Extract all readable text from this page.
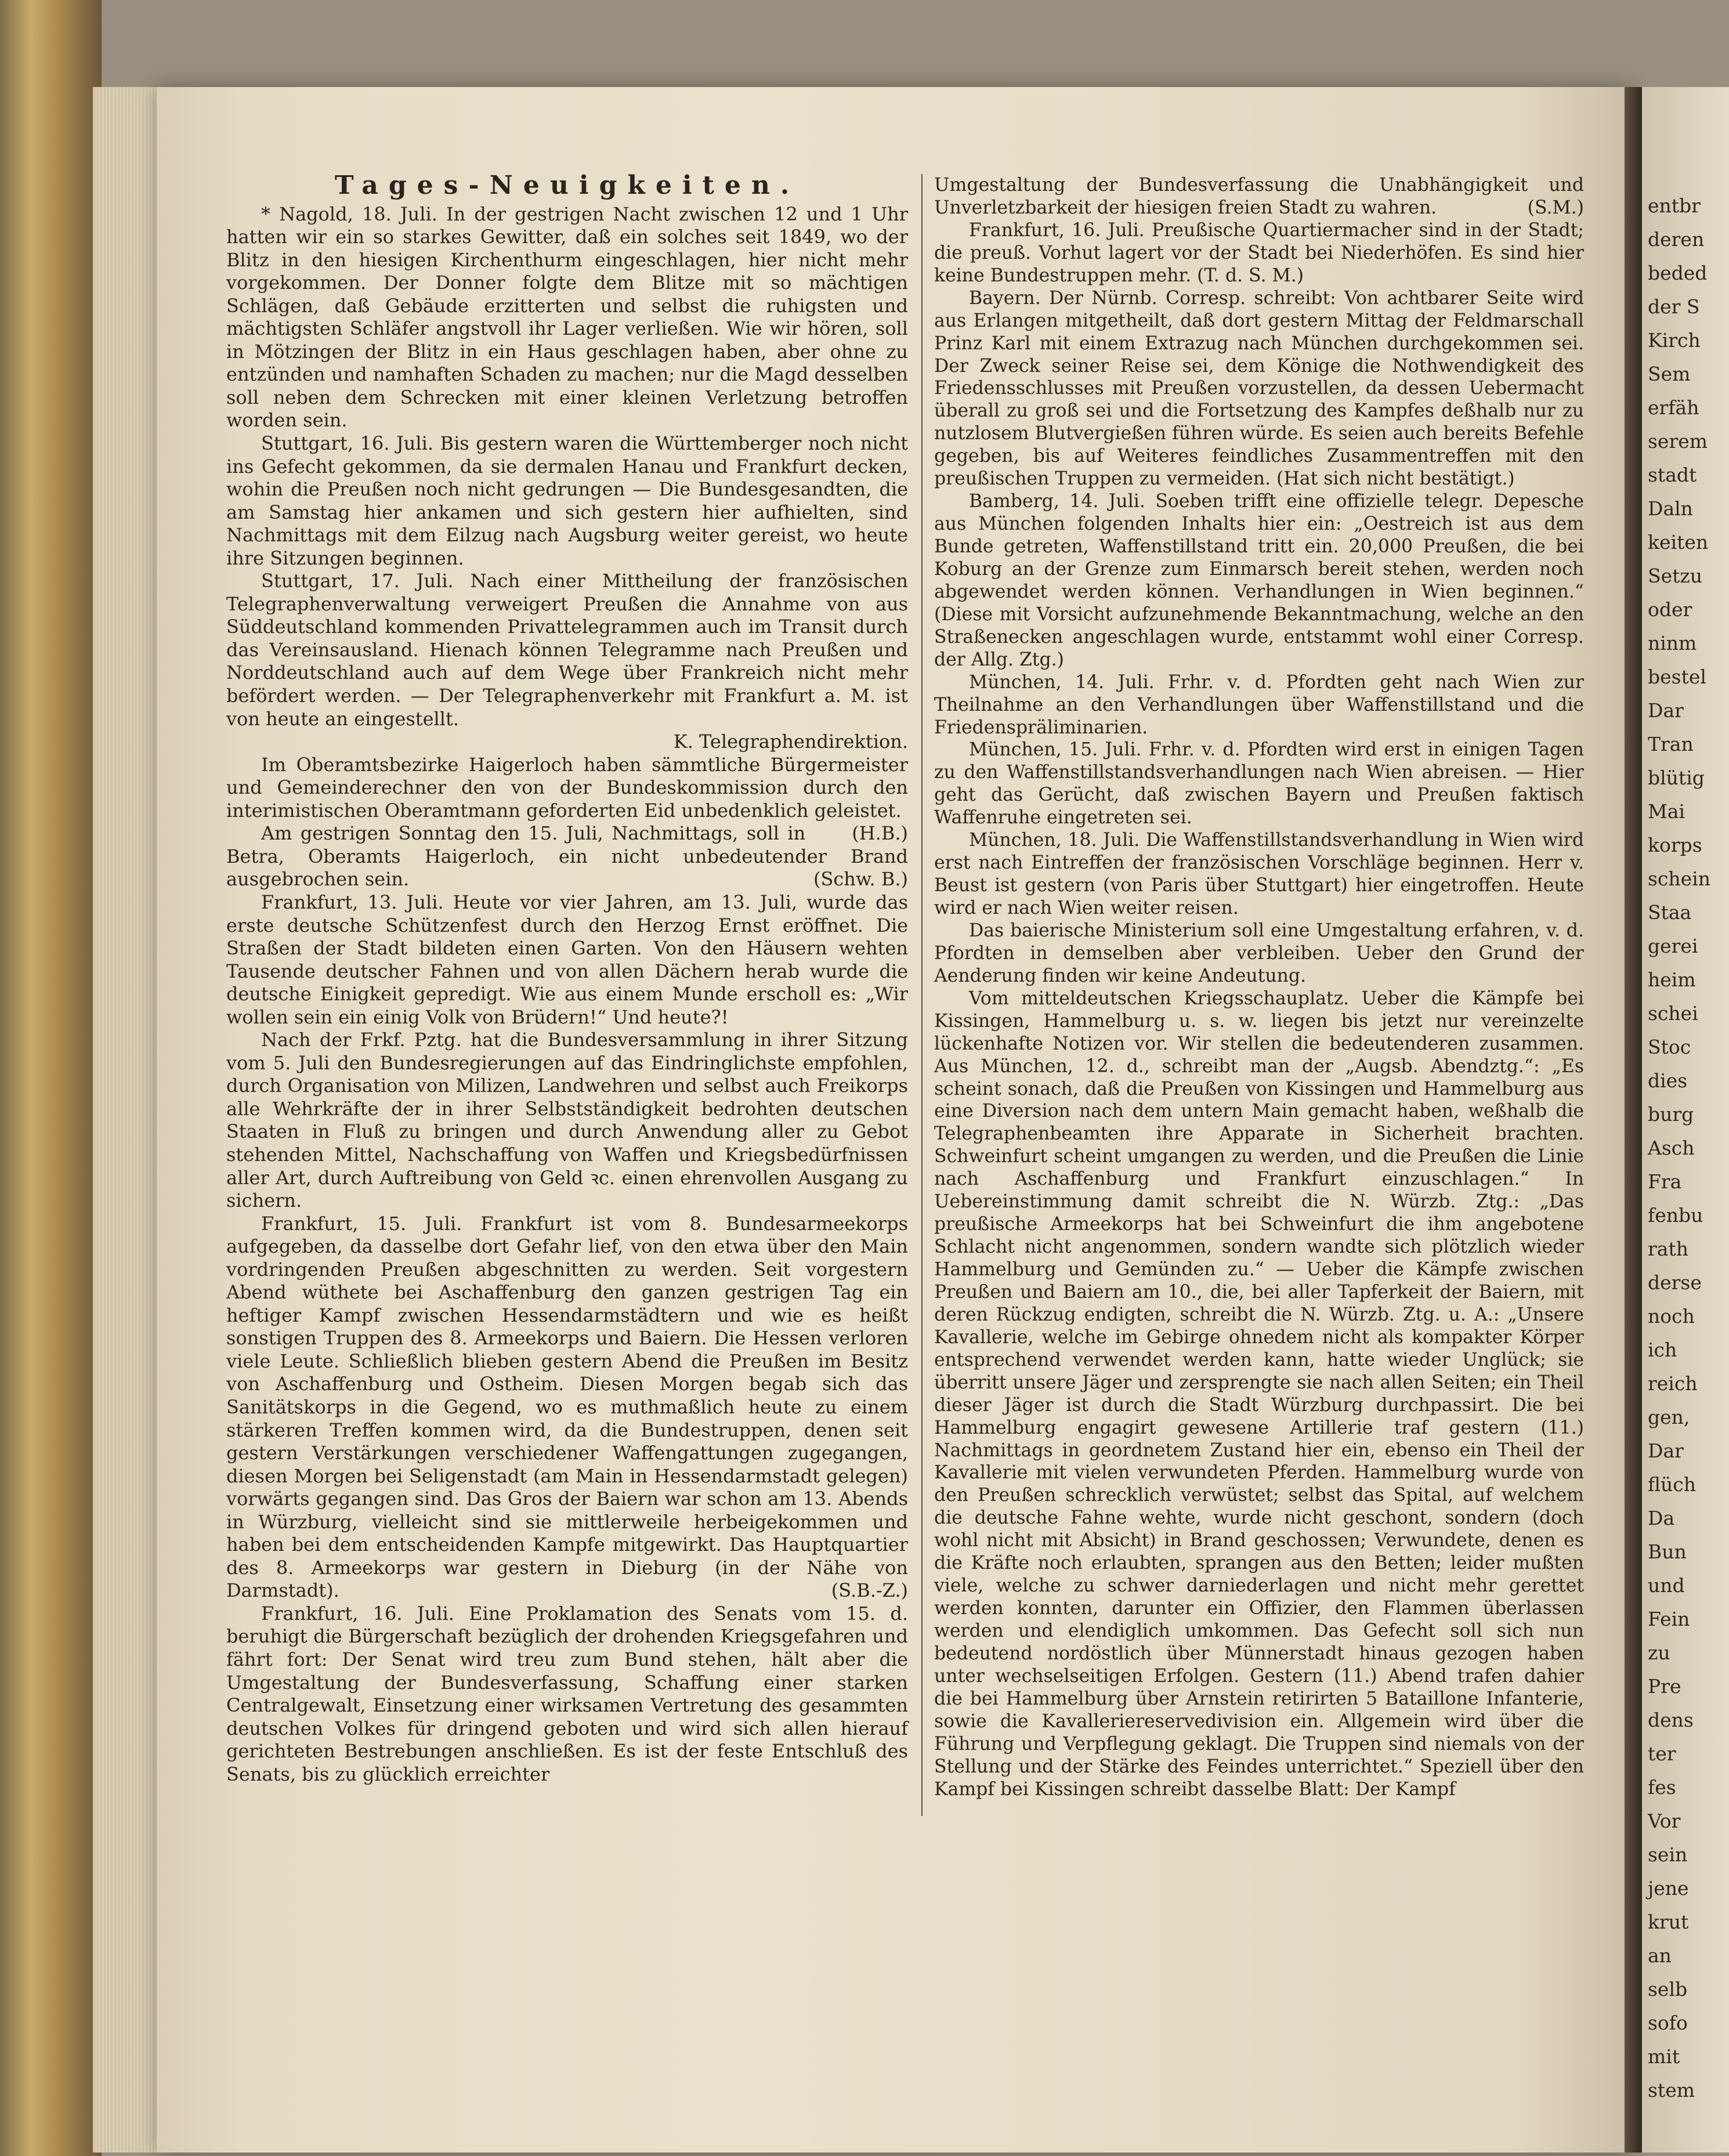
entbr
deren
beded
der S
Kirch
Sem
erfäh
serem
stadt
Daln
keiten
Setzu
oder
ninm
bestel
Dar
Tran
blütig
Mai
korps
schein
Staa
gerei
heim
schei
Stoc
dies
burg
Asch
Fra
fenbu
rath
derse
noch
ich
reich
gen,
Dar
flüch
Da
Bun
und
Fein
zu
Pre
dens
ter
fes
Vor
sein
jene
krut
an
selb
sofo
mit
stem
Tages-Neuigkeiten.

* Nagold, 18. Juli. In der gestrigen Nacht zwischen 12 und 1 Uhr hatten wir ein so starkes Gewitter, daß ein solches seit 1849, wo der Blitz in den hiesigen Kirchenthurm eingeschlagen, hier nicht mehr vorgekommen. Der Donner folgte dem Blitze mit so mächtigen Schlägen, daß Gebäude erzitterten und selbst die ruhigsten und mächtigsten Schläfer angstvoll ihr Lager verließen. Wie wir hören, soll in Mötzingen der Blitz in ein Haus geschlagen haben, aber ohne zu entzünden und namhaften Schaden zu machen; nur die Magd desselben soll neben dem Schrecken mit einer kleinen Verletzung betroffen worden sein.

Stuttgart, 16. Juli. Bis gestern waren die Württemberger noch nicht ins Gefecht gekommen, da sie dermalen Hanau und Frankfurt decken, wohin die Preußen noch nicht gedrungen — Die Bundesgesandten, die am Samstag hier ankamen und sich gestern hier aufhielten, sind Nachmittags mit dem Eilzug nach Augsburg weiter gereist, wo heute ihre Sitzungen beginnen.

Stuttgart, 17. Juli. Nach einer Mittheilung der französischen Telegraphenverwaltung verweigert Preußen die Annahme von aus Süddeutschland kommenden Privattelegrammen auch im Transit durch das Vereinsausland. Hienach können Telegramme nach Preußen und Norddeutschland auch auf dem Wege über Frankreich nicht mehr befördert werden. — Der Telegraphenverkehr mit Frankfurt a. M. ist von heute an eingestellt.

K. Telegraphendirektion.

Im Oberamtsbezirke Haigerloch haben sämmtliche Bürgermeister und Gemeinderechner den von der Bundeskommission durch den interimistischen Oberamtmann geforderten Eid unbedenklich geleistet.
(H.B.)

Am gestrigen Sonntag den 15. Juli, Nachmittags, soll in Betra, Oberamts Haigerloch, ein nicht unbedeutender Brand ausgebrochen sein.	(Schw. B.)

Frankfurt, 13. Juli. Heute vor vier Jahren, am 13. Juli, wurde das erste deutsche Schützenfest durch den Herzog Ernst eröffnet. Die Straßen der Stadt bildeten einen Garten. Von den Häusern wehten Tausende deutscher Fahnen und von allen Dächern herab wurde die deutsche Einigkeit gepredigt. Wie aus einem Munde erscholl es: „Wir wollen sein ein einig Volk von Brüdern!“ Und heute?!

Nach der Frkf. Pztg. hat die Bundesversammlung in ihrer Sitzung vom 5. Juli den Bundesregierungen auf das Eindringlichste empfohlen, durch Organisation von Milizen, Landwehren und selbst auch Freikorps alle Wehrkräfte der in ihrer Selbstständigkeit bedrohten deutschen Staaten in Fluß zu bringen und durch Anwendung aller zu Gebot stehenden Mittel, Nachschaffung von Waffen und Kriegsbedürfnissen aller Art, durch Auftreibung von Geld ꝛc. einen ehrenvollen Ausgang zu sichern.

Frankfurt, 15. Juli. Frankfurt ist vom 8. Bundesarmeekorps aufgegeben, da dasselbe dort Gefahr lief, von den etwa über den Main vordringenden Preußen abgeschnitten zu werden. Seit vorgestern Abend wüthete bei Aschaffenburg den ganzen gestrigen Tag ein heftiger Kampf zwischen Hessendarmstädtern und wie es heißt sonstigen Truppen des 8. Armeekorps und Baiern. Die Hessen verloren viele Leute. Schließlich blieben gestern Abend die Preußen im Besitz von Aschaffenburg und Ostheim. Diesen Morgen begab sich das Sanitätskorps in die Gegend, wo es muthmaßlich heute zu einem stärkeren Treffen kommen wird, da die Bundestruppen, denen seit gestern Verstärkungen verschiedener Waffengattungen zugegangen, diesen Morgen bei Seligenstadt (am Main in Hessendarmstadt gelegen) vorwärts gegangen sind. Das Gros der Baiern war schon am 13. Abends in Würzburg, vielleicht sind sie mittlerweile herbeigekommen und haben bei dem entscheidenden Kampfe mitgewirkt. Das Hauptquartier des 8. Armeekorps war gestern in Dieburg (in der Nähe von Darmstadt).	(S.B.-Z.)

Frankfurt, 16. Juli. Eine Proklamation des Senats vom 15. d. beruhigt die Bürgerschaft bezüglich der drohenden Kriegsgefahren und fährt fort: Der Senat wird treu zum Bund stehen, hält aber die Umgestaltung der Bundesverfassung, Schaffung einer starken Centralgewalt, Einsetzung einer wirksamen Vertretung des gesammten deutschen Volkes für dringend geboten und wird sich allen hierauf gerichteten Bestrebungen anschließen. Es ist der feste Entschluß des Senats, bis zu glücklich erreichter

Umgestaltung der Bundesverfassung die Unabhängigkeit und Unverletzbarkeit der hiesigen freien Stadt zu wahren.	(S.M.)

Frankfurt, 16. Juli. Preußische Quartiermacher sind in der Stadt; die preuß. Vorhut lagert vor der Stadt bei Niederhöfen. Es sind hier keine Bundestruppen mehr. (T. d. S. M.)

Bayern. Der Nürnb. Corresp. schreibt: Von achtbarer Seite wird aus Erlangen mitgetheilt, daß dort gestern Mittag der Feldmarschall Prinz Karl mit einem Extrazug nach München durchgekommen sei. Der Zweck seiner Reise sei, dem Könige die Nothwendigkeit des Friedensschlusses mit Preußen vorzustellen, da dessen Uebermacht überall zu groß sei und die Fortsetzung des Kampfes deßhalb nur zu nutzlosem Blutvergießen führen würde. Es seien auch bereits Befehle gegeben, bis auf Weiteres feindliches Zusammentreffen mit den preußischen Truppen zu vermeiden. (Hat sich nicht bestätigt.)

Bamberg, 14. Juli. Soeben trifft eine offizielle telegr. Depesche aus München folgenden Inhalts hier ein: „Oestreich ist aus dem Bunde getreten, Waffenstillstand tritt ein. 20,000 Preußen, die bei Koburg an der Grenze zum Einmarsch bereit stehen, werden noch abgewendet werden können. Verhandlungen in Wien beginnen.“ (Diese mit Vorsicht aufzunehmende Bekanntmachung, welche an den Straßenecken angeschlagen wurde, entstammt wohl einer Corresp. der Allg. Ztg.)

München, 14. Juli. Frhr. v. d. Pfordten geht nach Wien zur Theilnahme an den Verhandlungen über Waffenstillstand und die Friedenspräliminarien.

München, 15. Juli. Frhr. v. d. Pfordten wird erst in einigen Tagen zu den Waffenstillstandsverhandlungen nach Wien abreisen. — Hier geht das Gerücht, daß zwischen Bayern und Preußen faktisch Waffenruhe eingetreten sei.

München, 18. Juli. Die Waffenstillstandsverhandlung in Wien wird erst nach Eintreffen der französischen Vorschläge beginnen. Herr v. Beust ist gestern (von Paris über Stuttgart) hier eingetroffen. Heute wird er nach Wien weiter reisen.

Das baierische Ministerium soll eine Umgestaltung erfahren, v. d. Pfordten in demselben aber verbleiben. Ueber den Grund der Aenderung finden wir keine Andeutung.

Vom mitteldeutschen Kriegsschauplatz. Ueber die Kämpfe bei Kissingen, Hammelburg u. s. w. liegen bis jetzt nur vereinzelte lückenhafte Notizen vor. Wir stellen die bedeutenderen zusammen. Aus München, 12. d., schreibt man der „Augsb. Abendztg.“: „Es scheint sonach, daß die Preußen von Kissingen und Hammelburg aus eine Diversion nach dem untern Main gemacht haben, weßhalb die Telegraphenbeamten ihre Apparate in Sicherheit brachten. Schweinfurt scheint umgangen zu werden, und die Preußen die Linie nach Aschaffenburg und Frankfurt einzuschlagen.“ In Uebereinstimmung damit schreibt die N. Würzb. Ztg.: „Das preußische Armeekorps hat bei Schweinfurt die ihm angebotene Schlacht nicht angenommen, sondern wandte sich plötzlich wieder Hammelburg und Gemünden zu.“ — Ueber die Kämpfe zwischen Preußen und Baiern am 10., die, bei aller Tapferkeit der Baiern, mit deren Rückzug endigten, schreibt die N. Würzb. Ztg. u. A.: „Unsere Kavallerie, welche im Gebirge ohnedem nicht als kompakter Körper entsprechend verwendet werden kann, hatte wieder Unglück; sie überritt unsere Jäger und zersprengte sie nach allen Seiten; ein Theil dieser Jäger ist durch die Stadt Würzburg durchpassirt. Die bei Hammelburg engagirt gewesene Artillerie traf gestern (11.) Nachmittags in geordnetem Zustand hier ein, ebenso ein Theil der Kavallerie mit vielen verwundeten Pferden. Hammelburg wurde von den Preußen schrecklich verwüstet; selbst das Spital, auf welchem die deutsche Fahne wehte, wurde nicht geschont, sondern (doch wohl nicht mit Absicht) in Brand geschossen; Verwundete, denen es die Kräfte noch erlaubten, sprangen aus den Betten; leider mußten viele, welche zu schwer darniederlagen und nicht mehr gerettet werden konnten, darunter ein Offizier, den Flammen überlassen werden und elendiglich umkommen. Das Gefecht soll sich nun bedeutend nordöstlich über Münnerstadt hinaus gezogen haben unter wechselseitigen Erfolgen. Gestern (11.) Abend trafen dahier die bei Hammelburg über Arnstein retirirten 5 Bataillone Infanterie, sowie die Kavalleriereservedivision ein. Allgemein wird über die Führung und Verpflegung geklagt. Die Truppen sind niemals von der Stellung und der Stärke des Feindes unterrichtet.“ Speziell über den Kampf bei Kissingen schreibt dasselbe Blatt: Der Kampf
